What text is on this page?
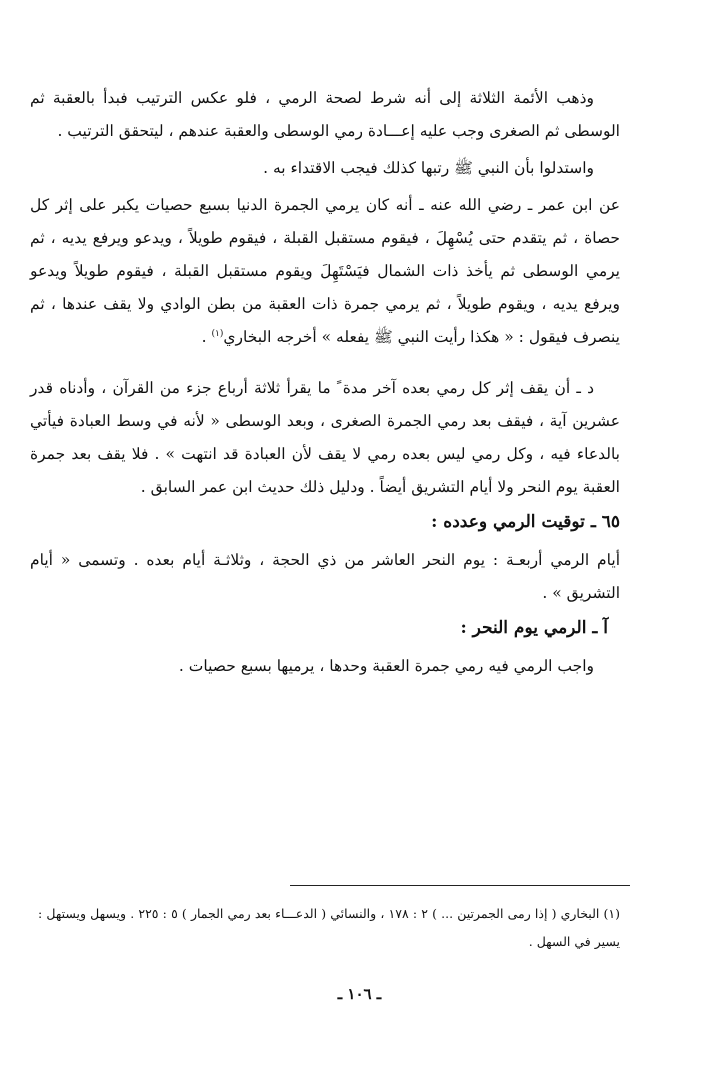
وذهب الأئمة الثلاثة إلى أنه شرط لصحة الرمي ، فلو عكس الترتيب فبدأ بالعقبة ثم الوسطى ثم الصغرى وجب عليه إعـــادة رمي الوسطى والعقبة عندهم ، ليتحقق الترتيب .

واستدلوا بأن النبي ﷺ رتبها كذلك فيجب الاقتداء به .

عن ابن عمر ـ رضي الله عنه ـ أنه كان يرمي الجمرة الدنيا بسبع حصيات يكبر على إثر كل حصاة ، ثم يتقدم حتى يُسْهِلَ ، فيقوم مستقبل القبلة ، فيقوم طويلاً ، ويدعو ويرفع يديه ، ثم يرمي الوسطى ثم يأخذ ذات الشمال فيَسْتَهِلَ ويقوم مستقبل القبلة ، فيقوم طويلاً ويدعو ويرفع يديه ، ويقوم طويلاً ، ثم يرمي جمرة ذات العقبة من بطن الوادي ولا يقف عندها ، ثم ينصرف فيقول : « هكذا رأيت النبي ﷺ يفعله » أخرجه البخاري$^{(١)}$ .

د ـ أن يقف إثر كل رمي بعده آخر مدة ً ما يقرأ ثلاثة أرباع جزء من القرآن ، وأدناه قدر عشرين آية ، فيقف بعد رمي الجمرة الصغرى ، وبعد الوسطى « لأنه في وسط العبادة فيأتي بالدعاء فيه ، وكل رمي ليس بعده رمي لا يقف لأن العبادة قد انتهت » . فلا يقف بعد جمرة العقبة يوم النحر ولا أيام التشريق أيضاً . ودليل ذلك حديث ابن عمر السابق .

٦٥ ـ توقيت الرمي وعدده :

أيام الرمي أربعـة : يوم النحر العاشر من ذي الحجة ، وثلاثـة أيام بعده . وتسمى « أيام التشريق » .

آ ـ الرمي يوم النحر :

واجب الرمي فيه رمي جمرة العقبة وحدها ، يرميها بسبع حصيات .

(١) البخاري ( إذا رمى الجمرتين ... ) ٢ : ١٧٨ ، والنسائي ( الدعـــاء بعد رمي الجمار ) ٥ : ٢٢٥ . ويسهل ويستهل : يسير في السهل .
ـ ١٠٦ ـ
